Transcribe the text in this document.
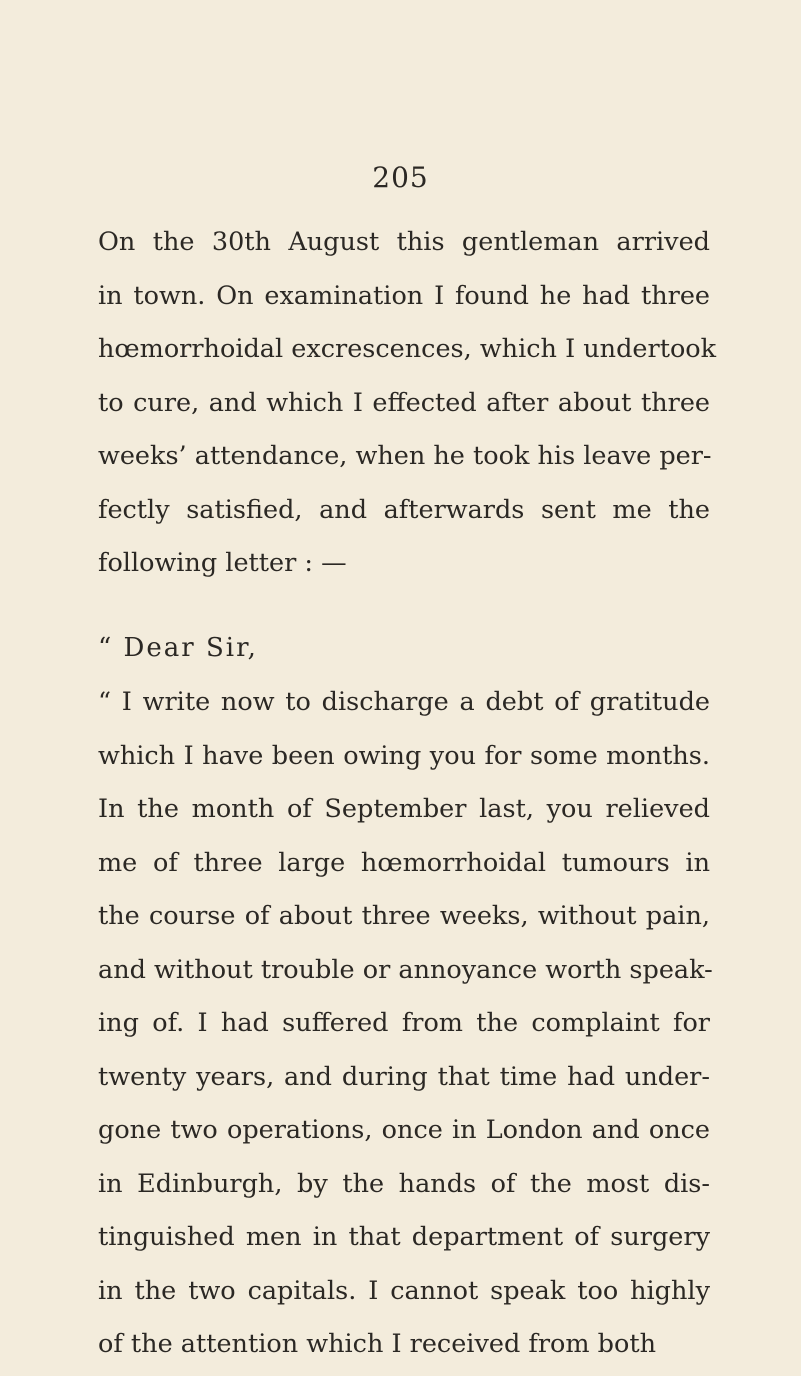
205
On the 30th August this gentleman arrived
in town. On examination I found he had three
hœmorrhoidal excrescences, which I undertook
to cure, and which I effected after about three
weeks’ attendance, when he took his leave per-
fectly satisfied, and afterwards sent me the
following letter : —
“ Dear Sir,
“ I write now to discharge a debt of gratitude
which I have been owing you for some months.
In the month of September last, you relieved
me of three large hœmorrhoidal tumours in
the course of about three weeks, without pain,
and without trouble or annoyance worth speak-
ing of. I had suffered from the complaint for
twenty years, and during that time had under-
gone two operations, once in London and once
in Edinburgh, by the hands of the most dis-
tinguished men in that department of surgery
in the two capitals. I cannot speak too highly
of the attention which I received from both
